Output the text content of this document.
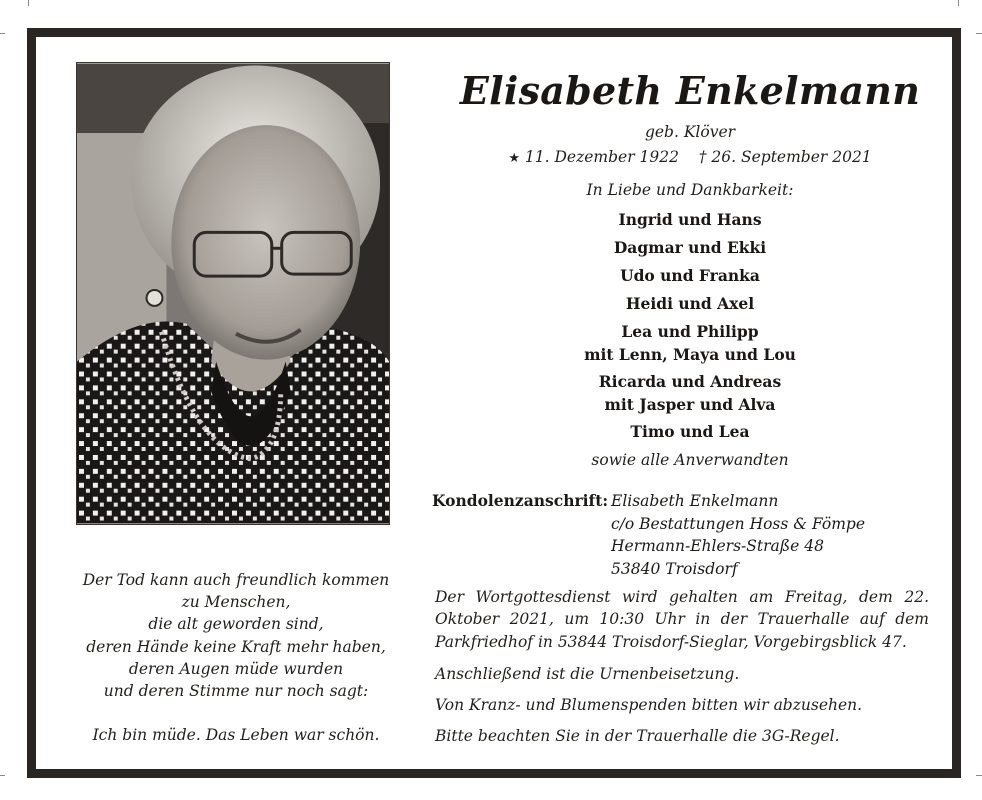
Der Tod kann auch freundlich kommen
zu Menschen,
die alt geworden sind,
deren Hände keine Kraft mehr haben,
deren Augen müde wurden
und deren Stimme nur noch sagt:
Ich bin müde. Das Leben war schön.
Elisabeth Enkelmann
geb. Klöver
★ 11. Dezember 1922 † 26. September 2021
In Liebe und Dankbarkeit:
Ingrid und Hans
Dagmar und Ekki
Udo und Franka
Heidi und Axel
Lea und Philipp
mit Lenn, Maya und Lou
Ricarda und Andreas
mit Jasper und Alva
Timo und Lea
sowie alle Anverwandten
Kondolenzanschrift: Elisabeth Enkelmann
c/o Bestattungen Hoss & Fömpe
Hermann-Ehlers-Straße 48
53840 Troisdorf
Der Wortgottesdienst wird gehalten am Freitag, dem 22. Oktober 2021, um 10:30 Uhr in der Trauerhalle auf dem Parkfriedhof in 53844 Troisdorf-Sieglar, Vorgebirgsblick 47.
Anschließend ist die Urnenbeisetzung.
Von Kranz- und Blumenspenden bitten wir abzusehen.
Bitte beachten Sie in der Trauerhalle die 3G-Regel.
